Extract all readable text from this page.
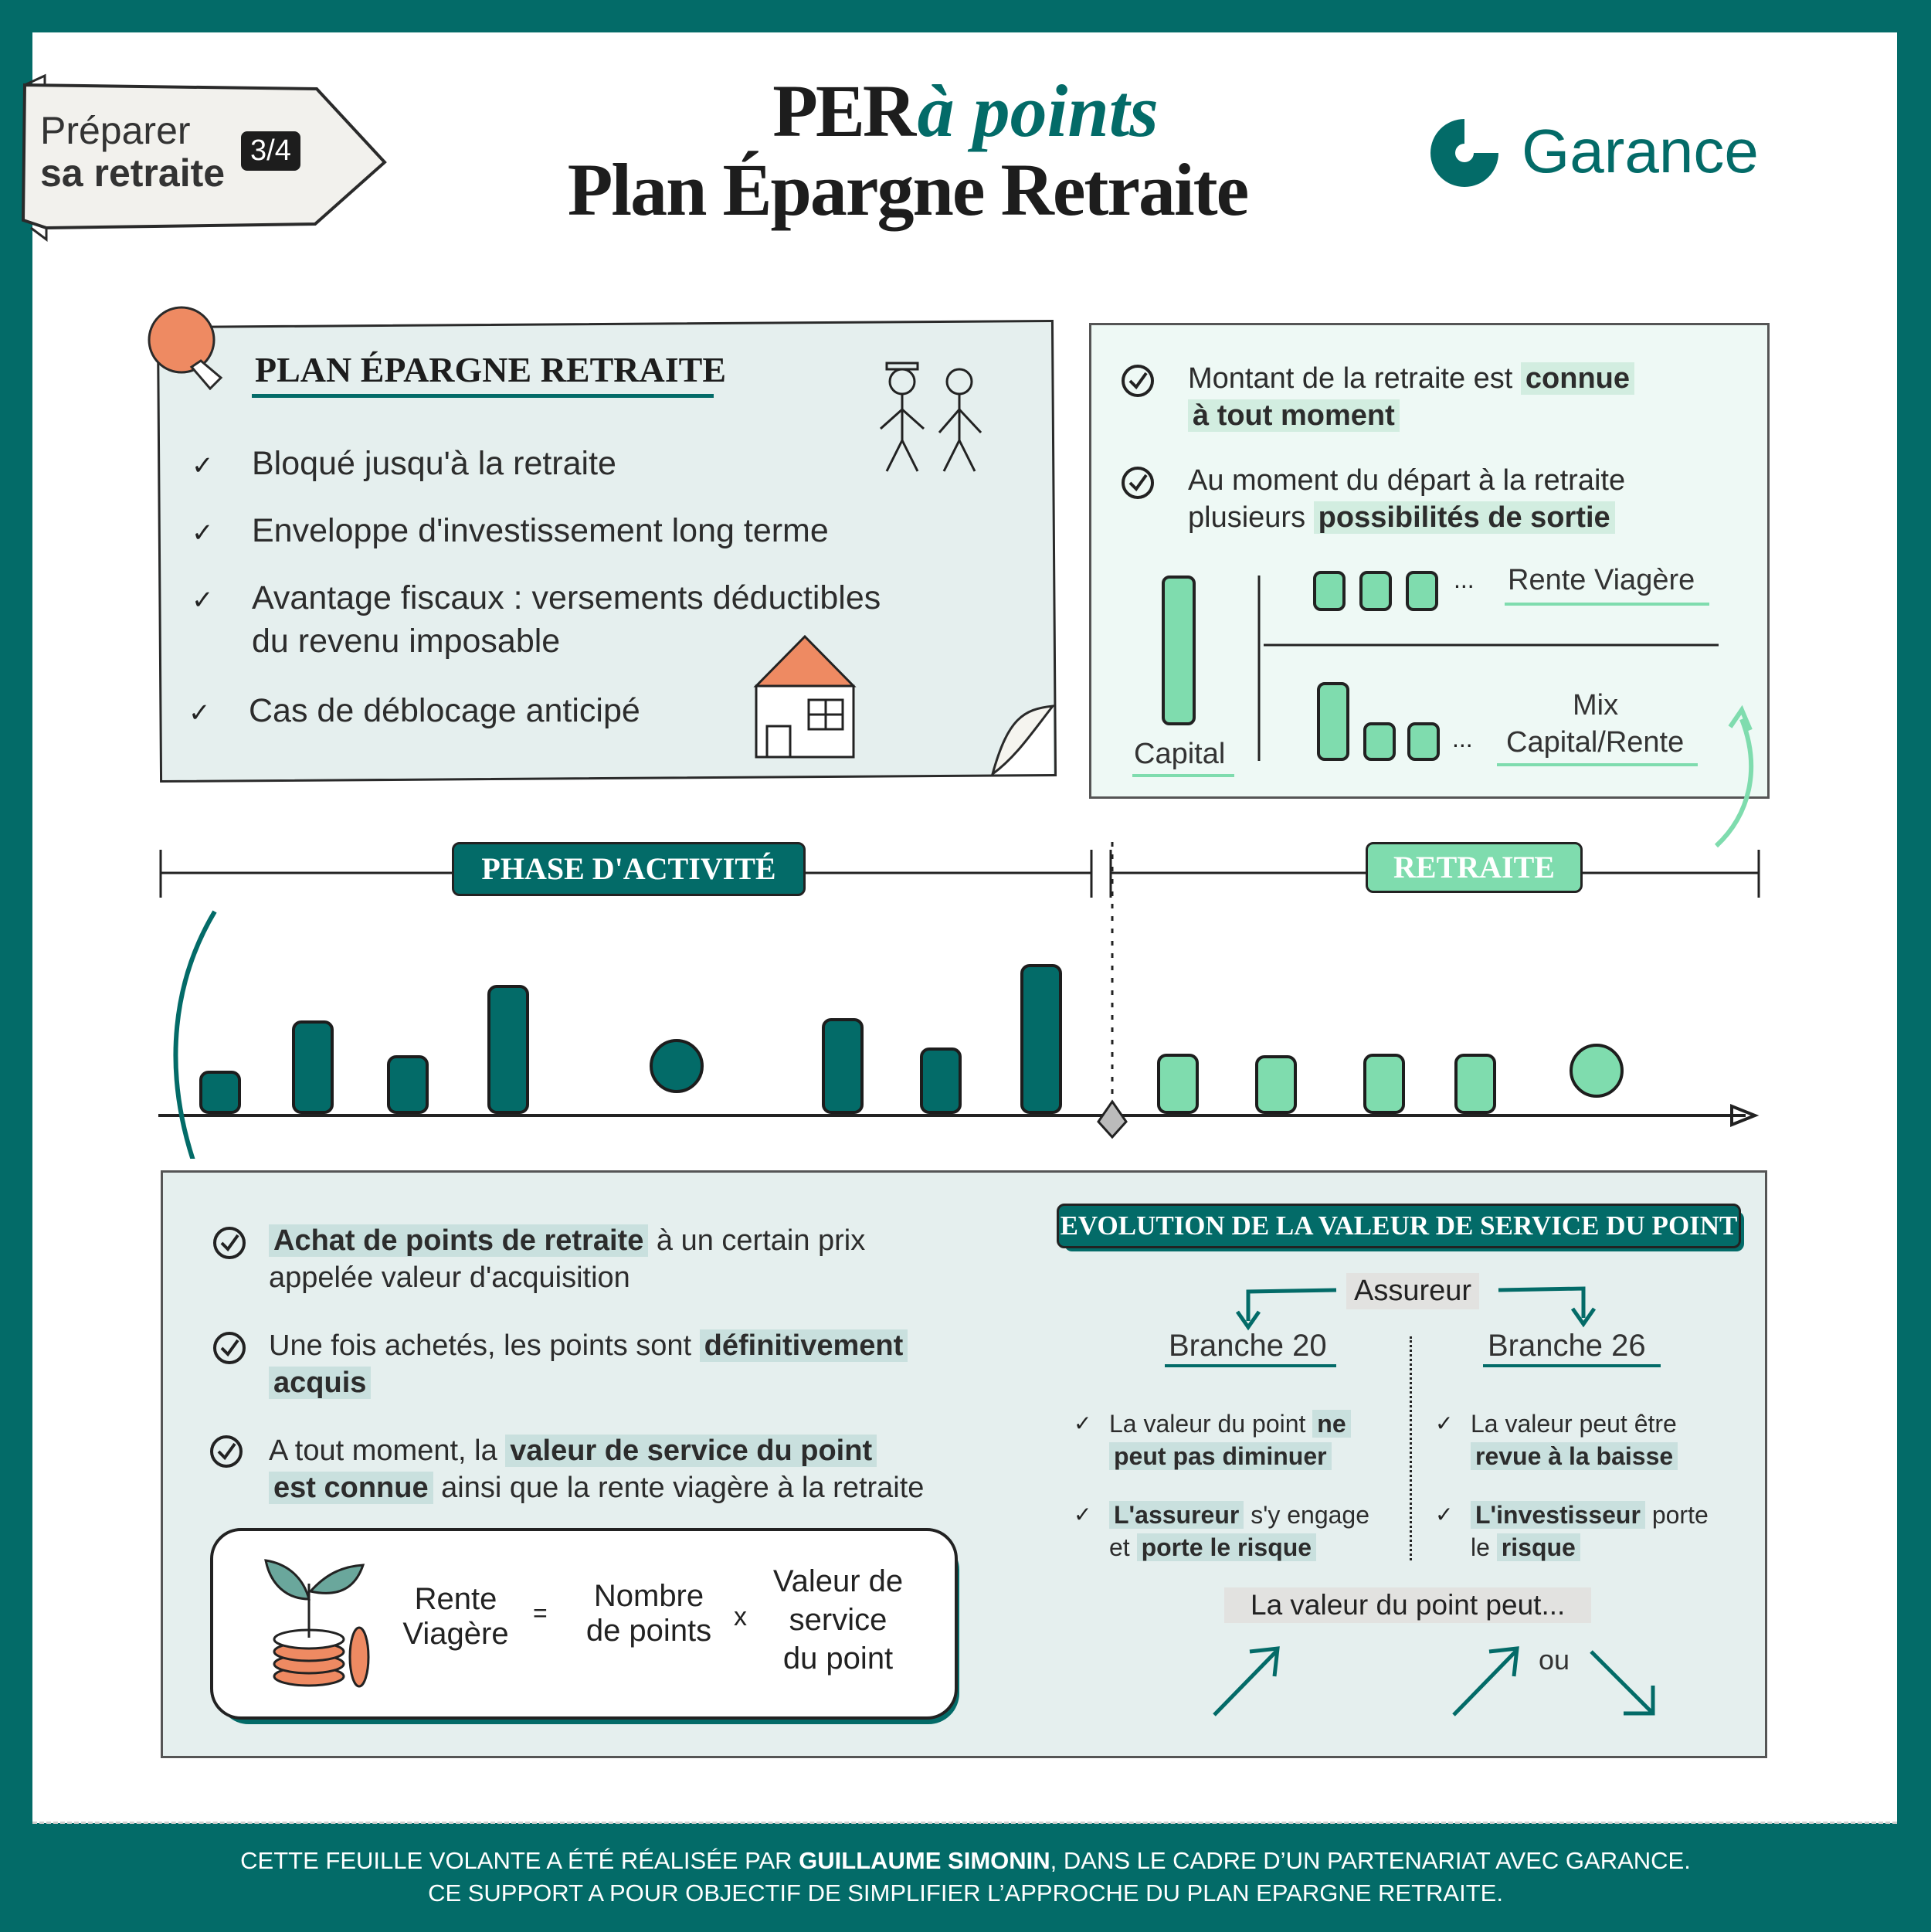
Préparer
sa retraite
3/4	PER à points
Plan Épargne Retraite	Garance
PLAN ÉPARGNE RETRAITE
✓ Bloqué jusqu'à la retraite
✓ Enveloppe d'investissement long terme
✓ Avantage fiscaux : versements déductibles
du revenu imposable
✓ Cas de déblocage anticipé
Montant de la retraite est connue
à tout moment
Au moment du départ à la retraite
plusieurs possibilités de sortie
... Rente Viagère
Capital	...
Mix
Capital/Rente
PHASE D'ACTIVITÉ	RETRAITE
Achat de points de retraite à un certain prix
appelée valeur d'acquisition
Une fois achetés, les points sont définitivement
acquis
A tout moment, la valeur de service du point
est connue ainsi que la rente viagère à la retraite
Rente
Viagère
=	Nombre
de points x
Valeur de
service
du point
EVOLUTION DE LA VALEUR DE SERVICE DU POINT
Assureur
Branche 20	Branche 26
✓ La valeur du point ne
peut pas diminuer
✓ L'assureur s'y engage
et porte le risque
✓ La valeur peut être
revue à la baisse
✓ L'investisseur porte
le risque
La valeur du point peut...
ou
CETTE FEUILLE VOLANTE A ÉTÉ RÉALISÉE PAR GUILLAUME SIMONIN, DANS LE CADRE D’UN PARTENARIAT AVEC GARANCE.
CE SUPPORT A POUR OBJECTIF DE SIMPLIFIER L’APPROCHE DU PLAN EPARGNE RETRAITE.
